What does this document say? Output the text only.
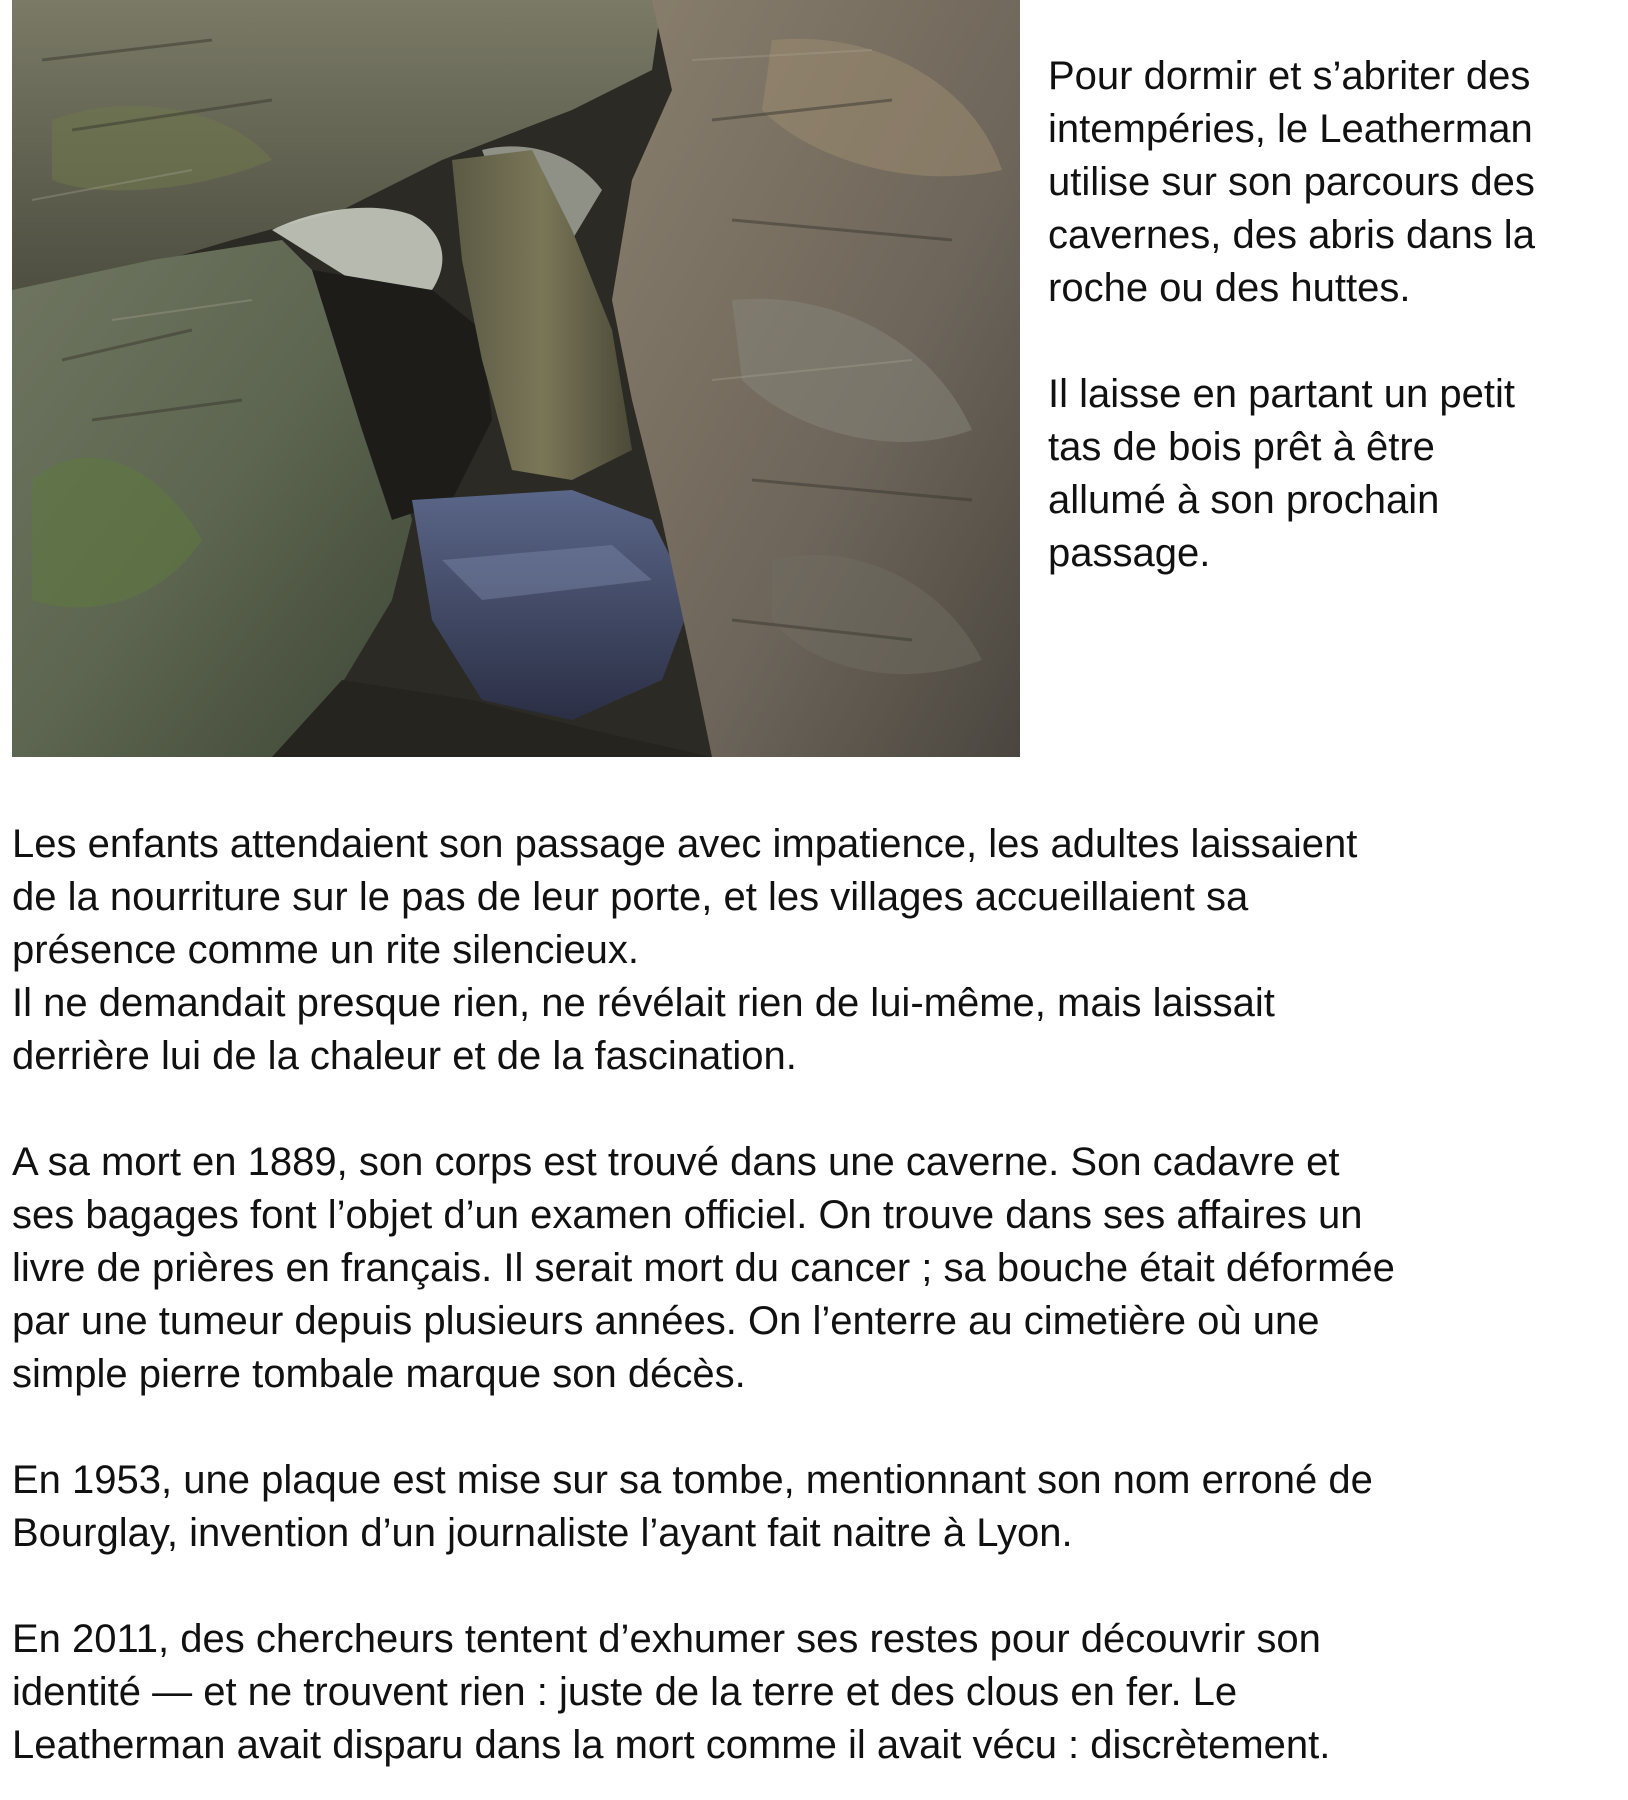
Pour dormir et s’abriter des
intempéries, le Leatherman
utilise sur son parcours des
cavernes, des abris dans la
roche ou des huttes.

Il laisse en partant un petit
tas de bois prêt à être
allumé à son prochain
passage.

Les enfants attendaient son passage avec impatience, les adultes laissaient
de la nourriture sur le pas de leur porte, et les villages accueillaient sa
présence comme un rite silencieux.

Il ne demandait presque rien, ne révélait rien de lui-même, mais laissait
derrière lui de la chaleur et de la fascination.

A sa mort en 1889, son corps est trouvé dans une caverne. Son cadavre et
ses bagages font l’objet d’un examen officiel. On trouve dans ses affaires un
livre de prières en français. Il serait mort du cancer ; sa bouche était déformée
par une tumeur depuis plusieurs années. On l’enterre au cimetière où une
simple pierre tombale marque son décès.

En 1953, une plaque est mise sur sa tombe, mentionnant son nom erroné de
Bourglay, invention d’un journaliste l’ayant fait naitre à Lyon.

En 2011, des chercheurs tentent d’exhumer ses restes pour découvrir son
identité — et ne trouvent rien : juste de la terre et des clous en fer. Le
Leatherman avait disparu dans la mort comme il avait vécu : discrètement.
